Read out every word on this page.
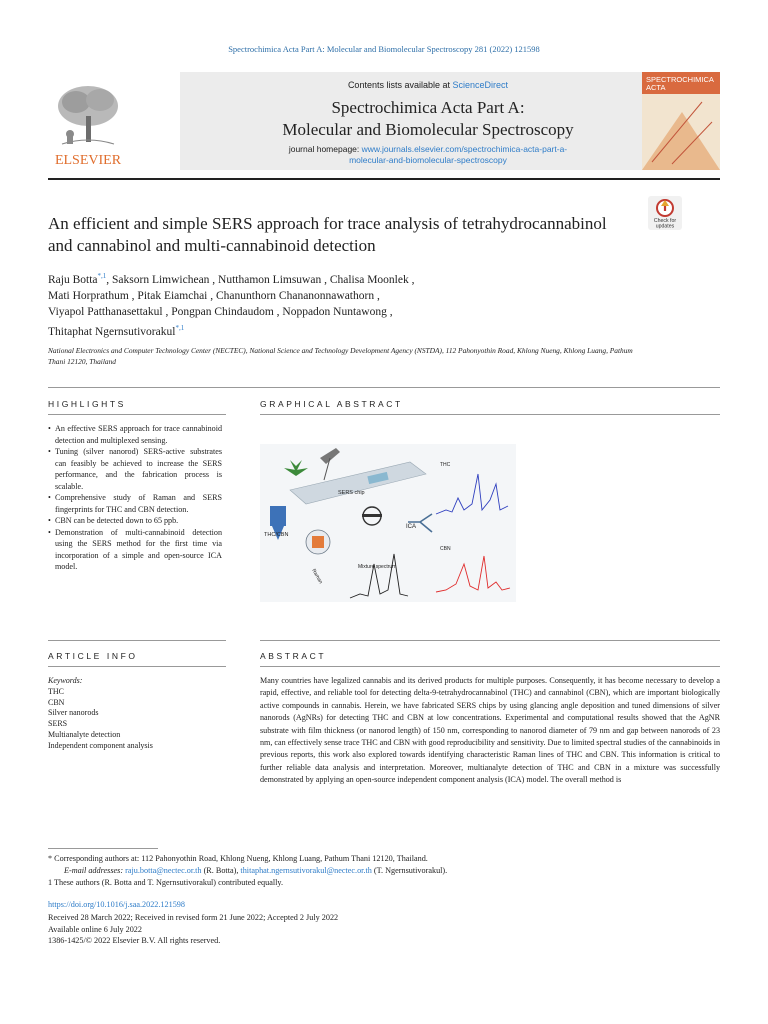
Spectrochimica Acta Part A: Molecular and Biomolecular Spectroscopy 281 (2022) 121598
ELSEVIER
Contents lists available at ScienceDirect
Spectrochimica Acta Part A:
Molecular and Biomolecular Spectroscopy
journal homepage: www.journals.elsevier.com/spectrochimica-acta-part-a-
molecular-and-biomolecular-spectroscopy
SPECTROCHIMICA
ACTA
An efficient and simple SERS approach for trace analysis of tetrahydrocannabinol and cannabinol and multi-cannabinoid detection
Check for
updates
Raju Botta$^{*,1}$, Saksorn Limwichean , Nutthamon Limsuwan , Chalisa Moonlek ,
Mati Horprathum , Pitak Eiamchai , Chanunthorn Chananonnawathorn ,
Viyapol Patthanasettakul , Pongpan Chindaudom , Noppadon Nuntawong ,
Thitaphat Ngernsutivorakul$^{*,1}$
National Electronics and Computer Technology Center (NECTEC), National Science and Technology Development Agency (NSTDA), 112 Pahonyothin Road, Khlong Nueng, Khlong Luang, Pathum Thani 12120, Thailand
HIGHLIGHTS	GRAPHICAL ABSTRACT
• An effective SERS approach for trace cannabinoid detection and multiplexed sensing.
• Tuning (silver nanorod) SERS-active substrates can feasibly be achieved to increase the SERS performance, and the fabrication process is scalable.
• Comprehensive study of Raman and SERS fingerprints for THC and CBN detection.
• CBN can be detected down to 65 ppb.
• Demonstration of multi-cannabinoid detection using the SERS method for the first time via incorporation of a simple and open-source ICA model.
THC/CBN
SERS chip
Raman
ICA
THC
CBN
Mixture spectrum
ARTICLE INFO	ABSTRACT
Keywords:
THC
CBN
Silver nanorods
SERS
Multianalyte detection
Independent component analysis
Many countries have legalized cannabis and its derived products for multiple purposes. Consequently, it has become necessary to develop a rapid, effective, and reliable tool for detecting delta-9-tetrahydrocannabinol (THC) and cannabinol (CBN), which are important biologically active compounds in cannabis. Herein, we have fabricated SERS chips by using glancing angle deposition and tuned dimensions of silver nanorods (AgNRs) for detecting THC and CBN at low concentrations. Experimental and computational results showed that the AgNR substrate with film thickness (or nanorod length) of 150 nm, corresponding to nanorod diameter of 79 nm and gap between nanorods of 23 nm, can effectively sense trace THC and CBN with good reproducibility and sensitivity. Due to limited spectral studies of the cannabinoids in previous reports, this work also explored towards identifying characteristic Raman lines of THC and CBN. This information is critical to further reliable data analysis and interpretation. Moreover, multianalyte detection of THC and CBN in a mixture was successfully demonstrated by applying an open-source independent component analysis (ICA) model. The overall method is
* Corresponding authors at: 112 Pahonyothin Road, Khlong Nueng, Khlong Luang, Pathum Thani 12120, Thailand.
E-mail addresses: raju.botta@nectec.or.th (R. Botta), thitaphat.ngernsutivorakul@nectec.or.th (T. Ngernsutivorakul).
1 These authors (R. Botta and T. Ngernsutivorakul) contributed equally.
https://doi.org/10.1016/j.saa.2022.121598
Received 28 March 2022; Received in revised form 21 June 2022; Accepted 2 July 2022
Available online 6 July 2022
1386-1425/© 2022 Elsevier B.V. All rights reserved.
